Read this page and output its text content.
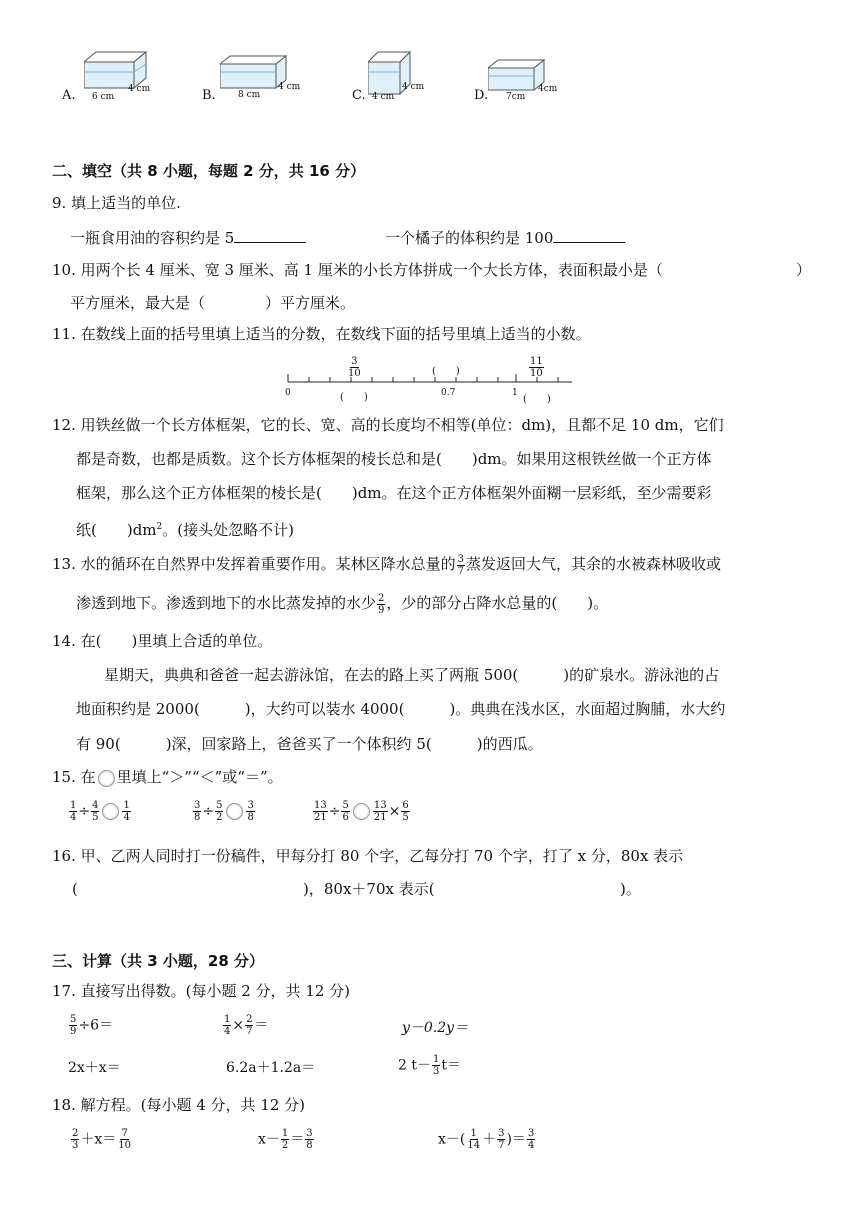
A. 6 cm
4 cm	B. 8 cm
4 cm
C. 4 cm
4 cm
D. 7cm
4cm
二、填空（共 8 小题，每题 2 分，共 16 分）
9. 填上适当的单位.
一瓶食用油的容积约是 5	一个橘子的体积约是 100
10. 用两个长 4 厘米、宽 3 厘米、高 1 厘米的小长方体拼成一个大长方体，表面积最小是（	）
平方厘米，最大是（　　　　）平方厘米。
11. 在数线上面的括号里填上适当的分数，在数线下面的括号里填上适当的小数。
$\frac{3}{10}$	(　　)	$\frac{11}{10}$
0	(　　)	0.7	1
(　　)
12. 用铁丝做一个长方体框架，它的长、宽、高的长度均不相等(单位：dm)，且都不足 10 dm，它们
都是奇数，也都是质数。这个长方体框架的棱长总和是(　　)dm。如果用这根铁丝做一个正方体
框架，那么这个正方体框架的棱长是(　　)dm。在这个正方体框架外面糊一层彩纸，至少需要彩
纸(　　)$dm^2$。(接头处忽略不计)
13. 水的循环在自然界中发挥着重要作用。某林区降水总量的 $\frac{3}{7}$ 蒸发返回大气，其余的水被森林吸收或
渗透到地下。渗透到地下的水比蒸发掉的水少 $\frac{2}{9}$ ，少的部分占降水总量的(　　)。
14. 在(　　)里填上合适的单位。
星期天，典典和爸爸一起去游泳馆，在去的路上买了两瓶 500(　　　)的矿泉水。游泳池的占
地面积约是 2000(　　　)，大约可以装水 4000(　　　)。典典在浅水区，水面超过胸脯，水大约
有 90(　　　)深，回家路上，爸爸买了一个体积约 5(　　　)的西瓜。
15. 在 里填上“＞”“＜”或“＝”。
$\frac{1}{4} \div \frac{4}{5} \frac{1}{4}$	$\frac{3}{8} \div \frac{5}{2} \frac{3}{8}$	$\frac{13}{21} \div \frac{5}{6} \frac{13}{21} \times \frac{6}{5}$
16. 甲、乙两人同时打一份稿件，甲每分打 80 个字，乙每分打 70 个字，打了 x 分，80x 表示
(	)，80x＋70x 表示(	)。
三、计算（共 3 小题，28 分）
17. 直接写出得数。(每小题 2 分，共 12 分)
$\frac{5}{9} \div 6=$	$\frac{1}{4} \times \frac{2}{7}$ ＝	y－0.2y＝
2x＋x＝	6.2a＋1.2a＝	2 $t- \frac{1}{3} t=$
18. 解方程。(每小题 4 分，共 12 分)
$\frac{2}{3} +x= \frac{7}{10}$	$x- \frac{1}{2} = \frac{3}{8}$	$x-( \frac{1}{14} + \frac{3}{7}$ )＝ $\frac{3}{4}$
